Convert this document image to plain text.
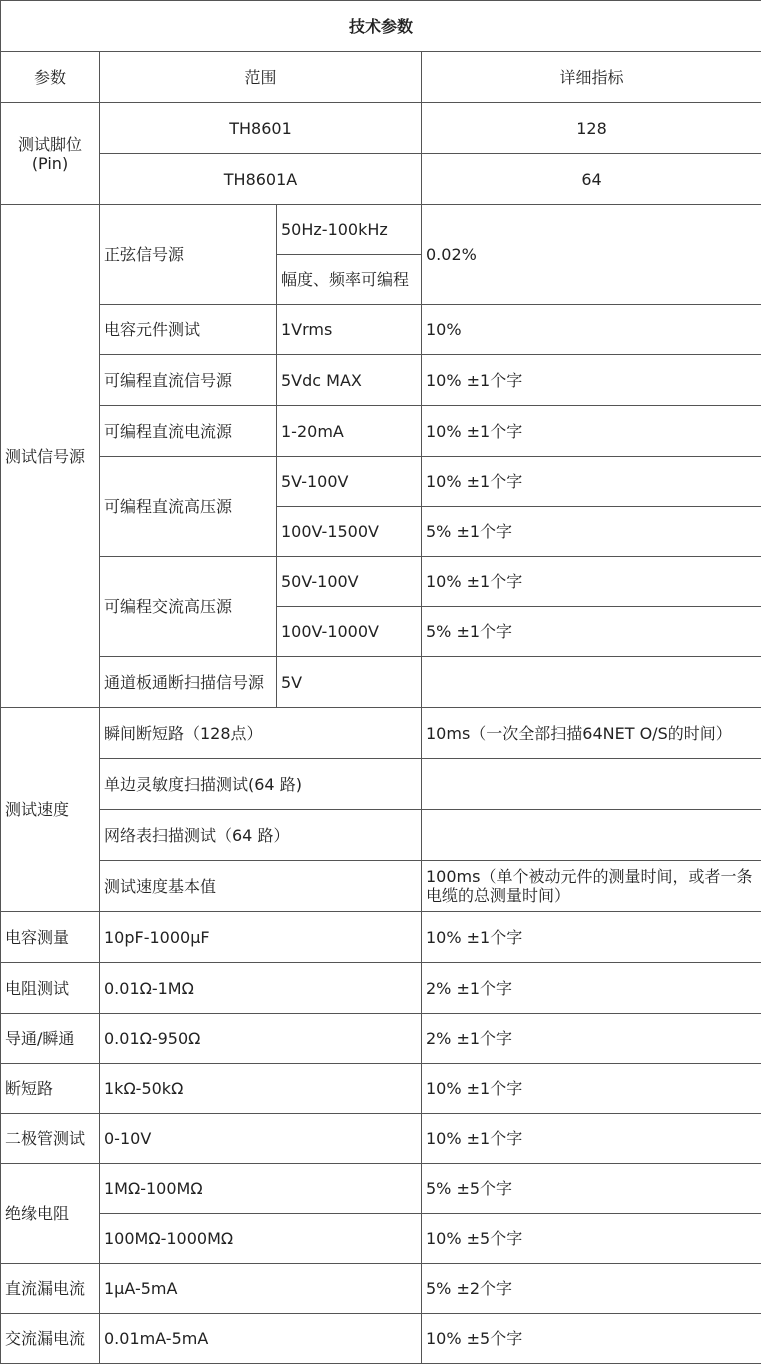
技术参数			
参数	范围		详细指标
测试脚位
(Pin)	TH8601		128
	TH8601A		64
测试信号源	正弦信号源	50Hz-100kHz	0.02%
		幅度、频率可编程	
	电容元件测试	1Vrms	10%
	可编程直流信号源	5Vdc MAX	10% ±1个字
	可编程直流电流源	1-20mA	10% ±1个字
	可编程直流高压源	5V-100V	10% ±1个字
		100V-1500V	5% ±1个字
	可编程交流高压源	50V-100V	10% ±1个字
		100V-1000V	5% ±1个字
	通道板通断扫描信号源	5V	
测试速度	瞬间断短路（128点）		10ms（一次全部扫描64NET O/S的时间）
	单边灵敏度扫描测试(64 路)		
	网络表扫描测试（64 路）		
	测试速度基本值		100ms（单个被动元件的测量时间，或者一条电缆的总测量时间）
电容测量	10pF-1000μF		10% ±1个字
电阻测试	0.01Ω-1MΩ		2% ±1个字
导通/瞬通	0.01Ω-950Ω		2% ±1个字
断短路	1kΩ-50kΩ		10% ±1个字
二极管测试	0-10V		10% ±1个字
绝缘电阻	1MΩ-100MΩ		5% ±5个字
	100MΩ-1000MΩ		10% ±5个字
直流漏电流	1μA-5mA		5% ±2个字
交流漏电流	0.01mA-5mA		10% ±5个字
